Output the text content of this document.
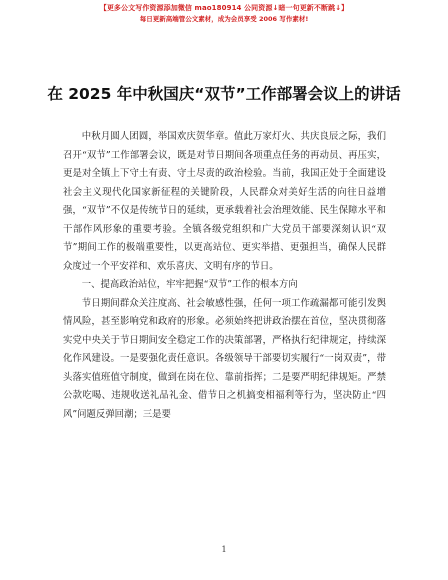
【更多公文写作资源添加微信 mao180914 公同资源↓暗一句更新不断跳↓】
每日更新高端管公文素材，成为会员享受 2006 写作素材!
在 2025 年中秋国庆“双节”工作部署会议上的讲话

中秋月圆人团圆，举国欢庆贺华章。值此万家灯火、共庆良辰之际，我们召开“双节”工作部署会议，既是对节日期间各项重点任务的再动员、再压实，更是对全镇上下守土有责、守土尽责的政治检验。当前，我国正处于全面建设社会主义现代化国家新征程的关键阶段，人民群众对美好生活的向往日益增强，“双节”不仅是传统节日的延续，更承载着社会治理效能、民生保障水平和干部作风形象的重要考验。全镇各级党组织和广大党员干部要深刻认识“双节”期间工作的极端重要性，以更高站位、更实举措、更强担当，确保人民群众度过一个平安祥和、欢乐喜庆、文明有序的节日。

一、提高政治站位，牢牢把握“双节”工作的根本方向

节日期间群众关注度高、社会敏感性强，任何一项工作疏漏都可能引发舆情风险，甚至影响党和政府的形象。必须始终把讲政治摆在首位，坚决贯彻落实党中央关于节日期间安全稳定工作的决策部署，严格执行纪律规定，持续深化作风建设。一是要强化责任意识。各级领导干部要切实履行“一岗双责”，带头落实值班值守制度，做到在岗在位、靠前指挥；二是要严明纪律规矩。严禁公款吃喝、违规收送礼品礼金、借节日之机搞变相福利等行为，坚决防止“四风”问题反弹回潮；三是要

1
